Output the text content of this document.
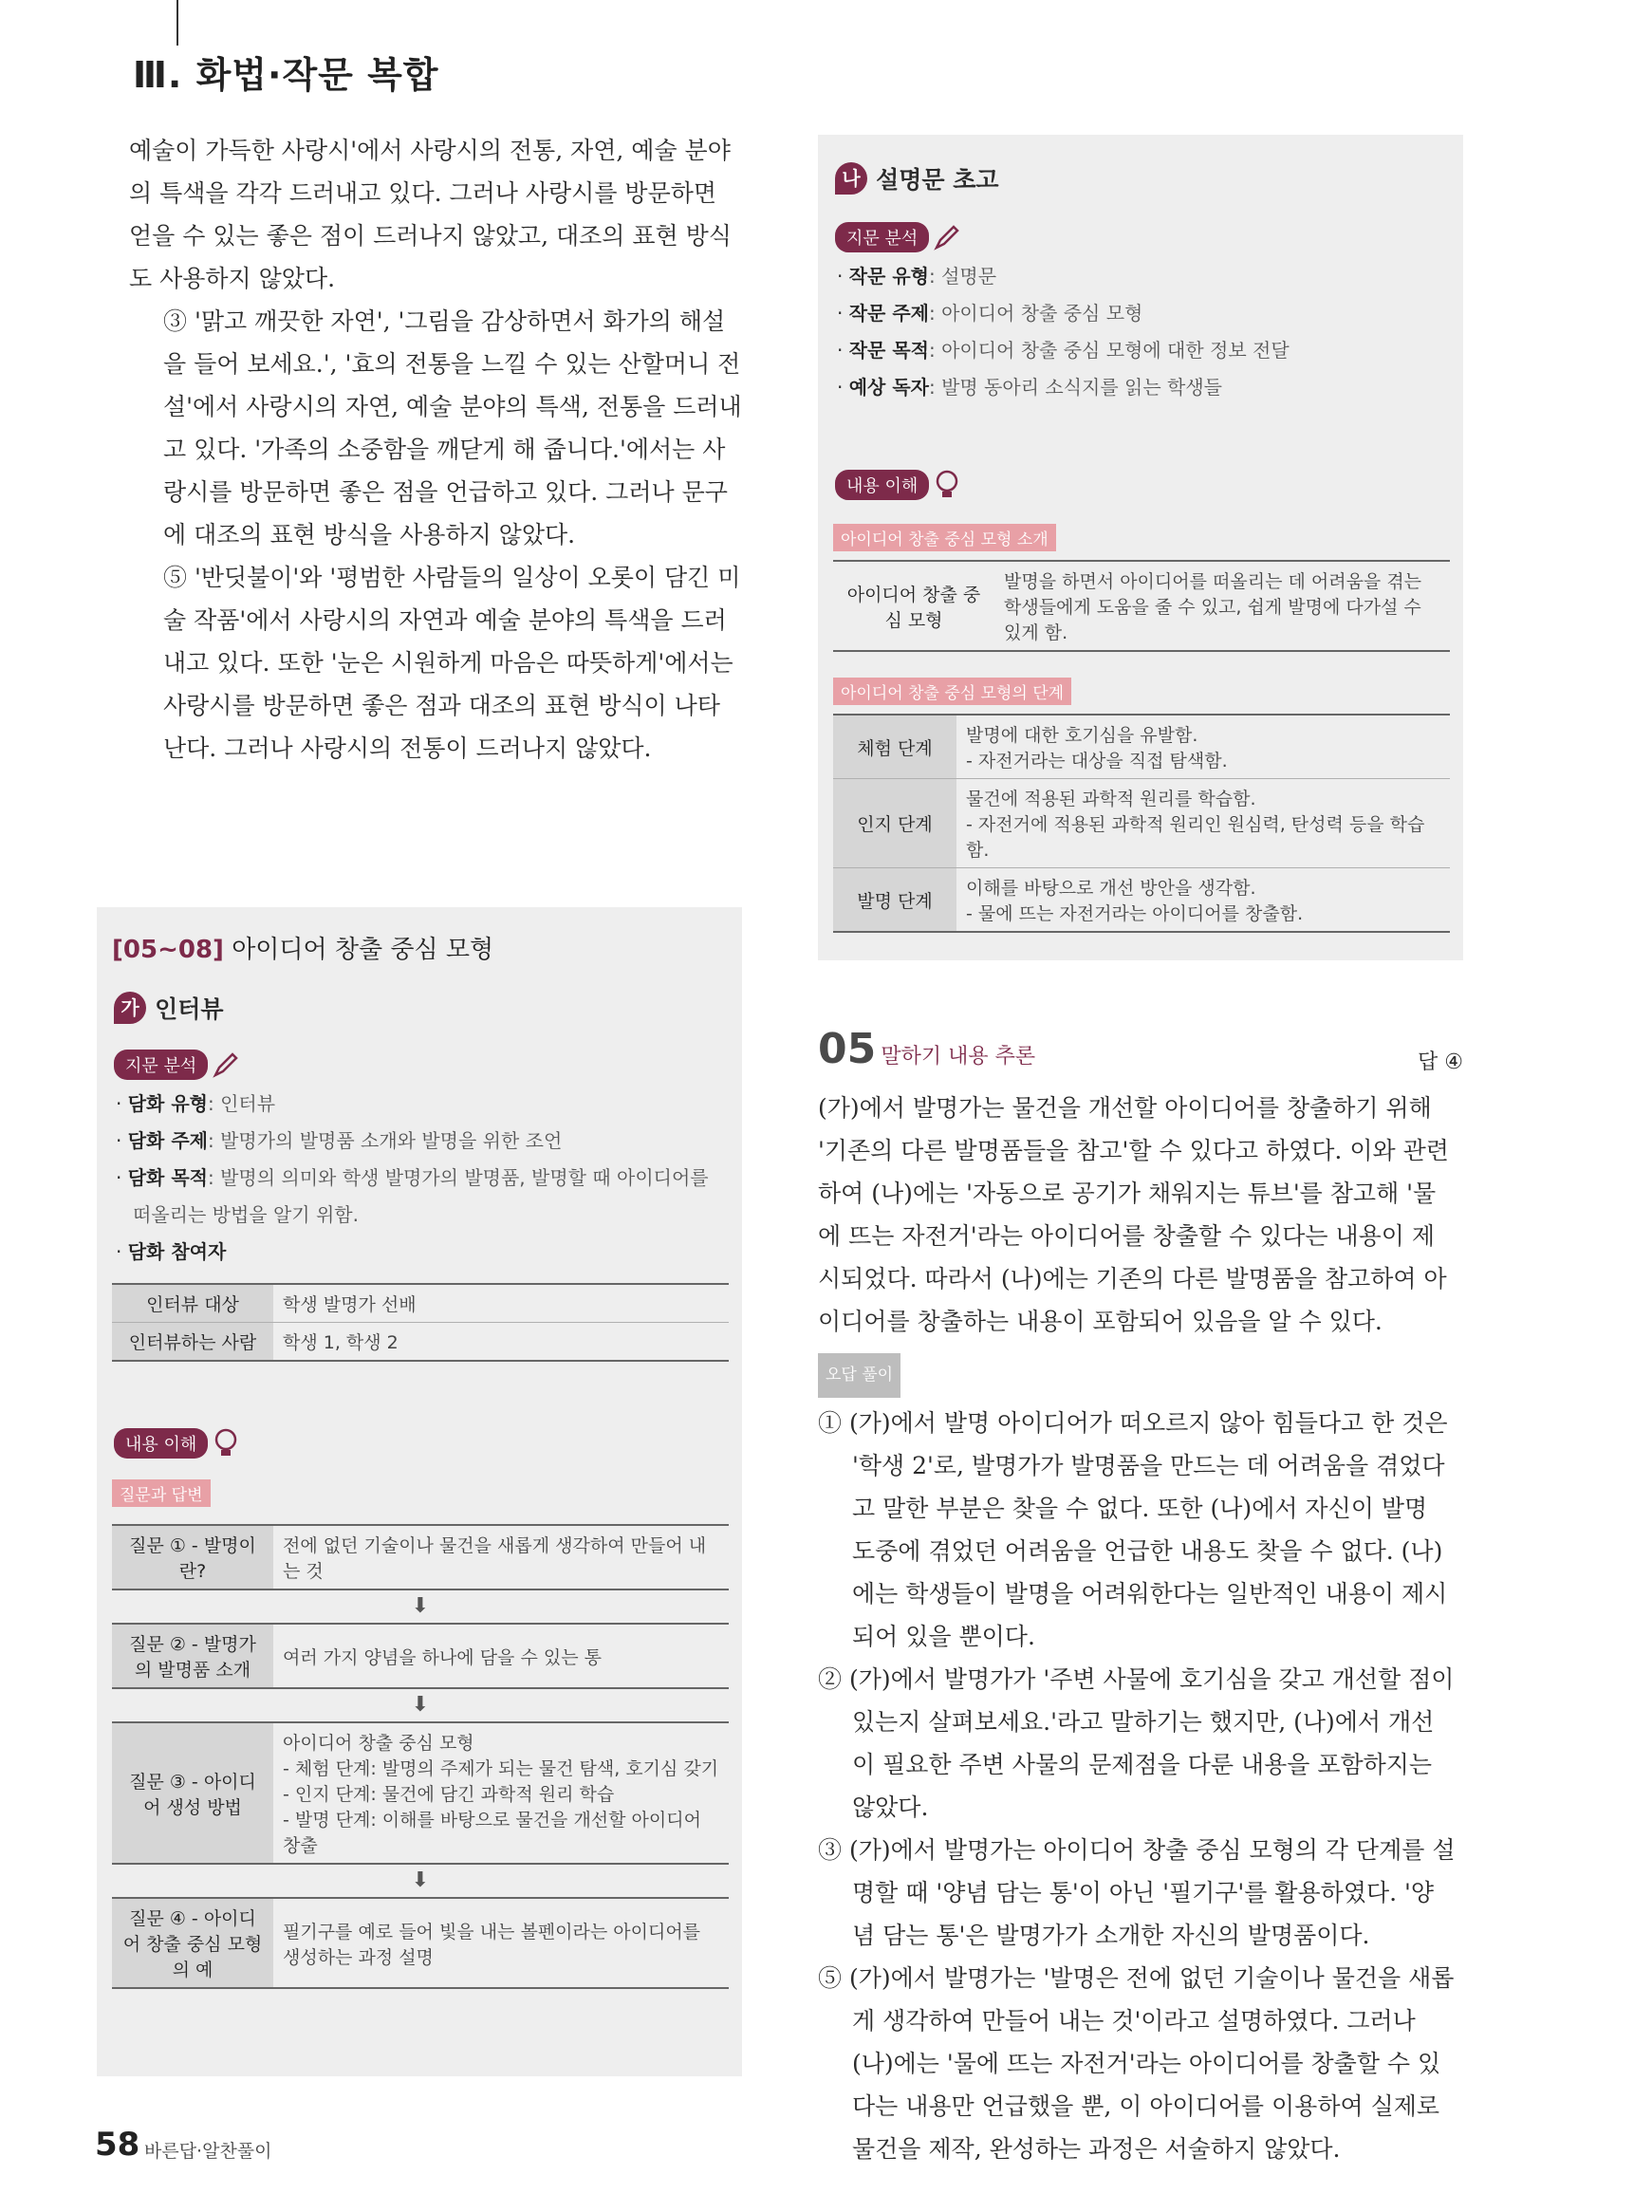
Ⅲ. 화법·작문 복합

예술이 가득한 사랑시'에서 사랑시의 전통, 자연, 예술 분야의 특색을 각각 드러내고 있다. 그러나 사랑시를 방문하면 얻을 수 있는 좋은 점이 드러나지 않았고, 대조의 표현 방식도 사용하지 않았다.

③ '맑고 깨끗한 자연', '그림을 감상하면서 화가의 해설을 들어 보세요.', '효의 전통을 느낄 수 있는 산할머니 전설'에서 사랑시의 자연, 예술 분야의 특색, 전통을 드러내고 있다. '가족의 소중함을 깨닫게 해 줍니다.'에서는 사랑시를 방문하면 좋은 점을 언급하고 있다. 그러나 문구에 대조의 표현 방식을 사용하지 않았다.

⑤ '반딧불이'와 '평범한 사람들의 일상이 오롯이 담긴 미술 작품'에서 사랑시의 자연과 예술 분야의 특색을 드러내고 있다. 또한 '눈은 시원하게 마음은 따뜻하게'에서는 사랑시를 방문하면 좋은 점과 대조의 표현 방식이 나타난다. 그러나 사랑시의 전통이 드러나지 않았다.

[05~08] 아이디어 창출 중심 모형
가 인터뷰
지문 분석
· 담화 유형: 인터뷰
· 담화 주제: 발명가의 발명품 소개와 발명을 위한 조언
· 담화 목적: 발명의 의미와 학생 발명가의 발명품, 발명할 때 아이디어를 떠올리는 방법을 알기 위함.
· 담화 참여자
인터뷰 대상	학생 발명가 선배
인터뷰하는 사람	학생 1, 학생 2
내용 이해
질문과 답변
질문 ① - 발명이란?	전에 없던 기술이나 물건을 새롭게 생각하여 만들어 내는 것
⬇
질문 ② - 발명가의 발명품 소개	여러 가지 양념을 하나에 담을 수 있는 통
⬇
질문 ③ - 아이디어 생성 방법	아이디어 창출 중심 모형
- 체험 단계: 발명의 주제가 되는 물건 탐색, 호기심 갖기
- 인지 단계: 물건에 담긴 과학적 원리 학습
- 발명 단계: 이해를 바탕으로 물건을 개선할 아이디어 창출
⬇
질문 ④ - 아이디어 창출 중심 모형의 예	필기구를 예로 들어 빛을 내는 볼펜이라는 아이디어를 생성하는 과정 설명
나 설명문 초고
지문 분석
· 작문 유형: 설명문
· 작문 주제: 아이디어 창출 중심 모형
· 작문 목적: 아이디어 창출 중심 모형에 대한 정보 전달
· 예상 독자: 발명 동아리 소식지를 읽는 학생들
내용 이해
아이디어 창출 중심 모형 소개
아이디어 창출 중심 모형	발명을 하면서 아이디어를 떠올리는 데 어려움을 겪는 학생들에게 도움을 줄 수 있고, 쉽게 발명에 다가설 수 있게 함.
아이디어 창출 중심 모형의 단계
체험 단계	발명에 대한 호기심을 유발함.
- 자전거라는 대상을 직접 탐색함.

인지 단계	물건에 적용된 과학적 원리를 학습함.
- 자전거에 적용된 과학적 원리인 원심력, 탄성력 등을 학습함.

발명 단계	이해를 바탕으로 개선 방안을 생각함.
- 물에 뜨는 자전거라는 아이디어를 창출함.
05 말하기 내용 추론	답 ④

(가)에서 발명가는 물건을 개선할 아이디어를 창출하기 위해 '기존의 다른 발명품들을 참고'할 수 있다고 하였다. 이와 관련하여 (나)에는 '자동으로 공기가 채워지는 튜브'를 참고해 '물에 뜨는 자전거'라는 아이디어를 창출할 수 있다는 내용이 제시되었다. 따라서 (나)에는 기존의 다른 발명품을 참고하여 아이디어를 창출하는 내용이 포함되어 있음을 알 수 있다.

오답 풀이

① (가)에서 발명 아이디어가 떠오르지 않아 힘들다고 한 것은 '학생 2'로, 발명가가 발명품을 만드는 데 어려움을 겪었다고 말한 부분은 찾을 수 없다. 또한 (나)에서 자신이 발명 도중에 겪었던 어려움을 언급한 내용도 찾을 수 없다. (나)에는 학생들이 발명을 어려워한다는 일반적인 내용이 제시되어 있을 뿐이다.

② (가)에서 발명가가 '주변 사물에 호기심을 갖고 개선할 점이 있는지 살펴보세요.'라고 말하기는 했지만, (나)에서 개선이 필요한 주변 사물의 문제점을 다룬 내용을 포함하지는 않았다.

③ (가)에서 발명가는 아이디어 창출 중심 모형의 각 단계를 설명할 때 '양념 담는 통'이 아닌 '필기구'를 활용하였다. '양념 담는 통'은 발명가가 소개한 자신의 발명품이다.

⑤ (가)에서 발명가는 '발명은 전에 없던 기술이나 물건을 새롭게 생각하여 만들어 내는 것'이라고 설명하였다. 그러나 (나)에는 '물에 뜨는 자전거'라는 아이디어를 창출할 수 있다는 내용만 언급했을 뿐, 이 아이디어를 이용하여 실제로 물건을 제작, 완성하는 과정은 서술하지 않았다.

58 바른답·알찬풀이
